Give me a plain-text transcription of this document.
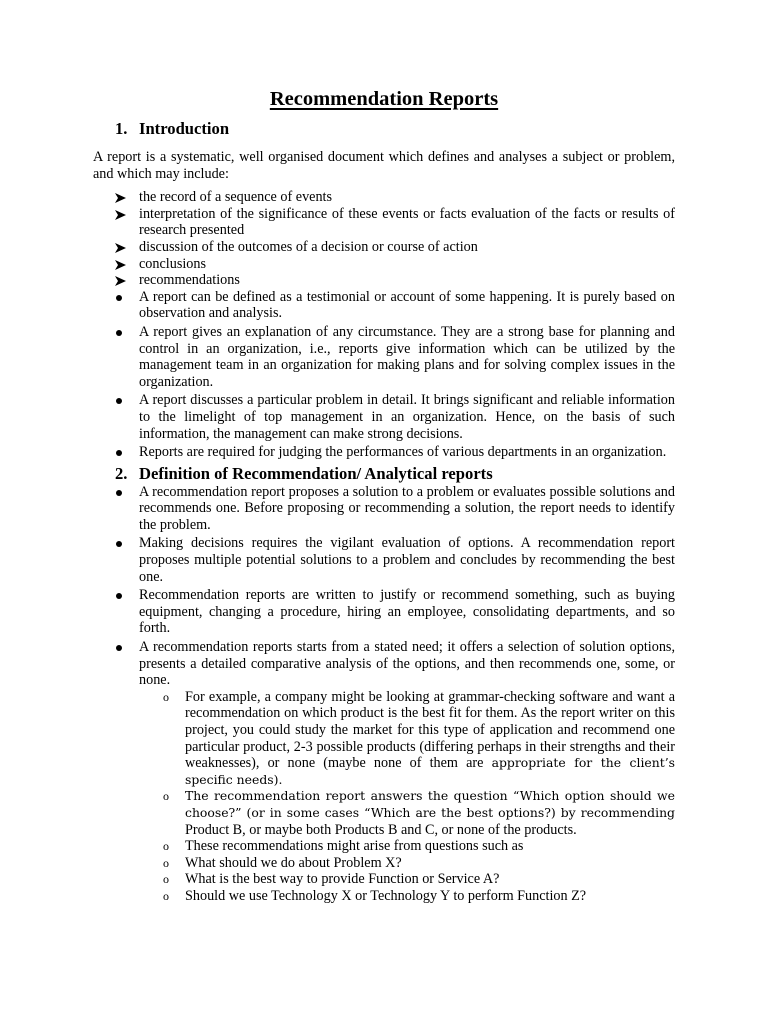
Recommendation Reports
1. Introduction

A report is a systematic, well organised document which defines and analyses a subject or problem, and which may include:

the record of a sequence of events
interpretation of the significance of these events or facts evaluation of the facts or results of research presented
discussion of the outcomes of a decision or course of action
conclusions
recommendations
A report can be defined as a testimonial or account of some happening. It is purely based on observation and analysis.
A report gives an explanation of any circumstance. They are a strong base for planning and control in an organization, i.e., reports give information which can be utilized by the management team in an organization for making plans and for solving complex issues in the organization.
A report discusses a particular problem in detail. It brings significant and reliable information to the limelight of top management in an organization. Hence, on the basis of such information, the management can make strong decisions.
Reports are required for judging the performances of various departments in an organization.
2. Definition of Recommendation/ Analytical reports
A recommendation report proposes a solution to a problem or evaluates possible solutions and recommends one. Before proposing or recommending a solution, the report needs to identify the problem.
Making decisions requires the vigilant evaluation of options. A recommendation report proposes multiple potential solutions to a problem and concludes by recommending the best one.
Recommendation reports are written to justify or recommend something, such as buying equipment, changing a procedure, hiring an employee, consolidating departments, and so forth.
A recommendation reports starts from a stated need; it offers a selection of solution options, presents a detailed comparative analysis of the options, and then recommends one, some, or none.
o For example, a company might be looking at grammar-checking software and want a recommendation on which product is the best fit for them. As the report writer on this project, you could study the market for this type of application and recommend one particular product, 2-3 possible products (differing perhaps in their strengths and their weaknesses), or none (maybe none of them are appropriate for the client’s specific needs).
o The recommendation report answers the question “Which option should we choose?” (or in some cases “Which are the best options?) by recommending Product B, or maybe both Products B and C, or none of the products.
o These recommendations might arise from questions such as
o What should we do about Problem X?
o What is the best way to provide Function or Service A?
o Should we use Technology X or Technology Y to perform Function Z?
